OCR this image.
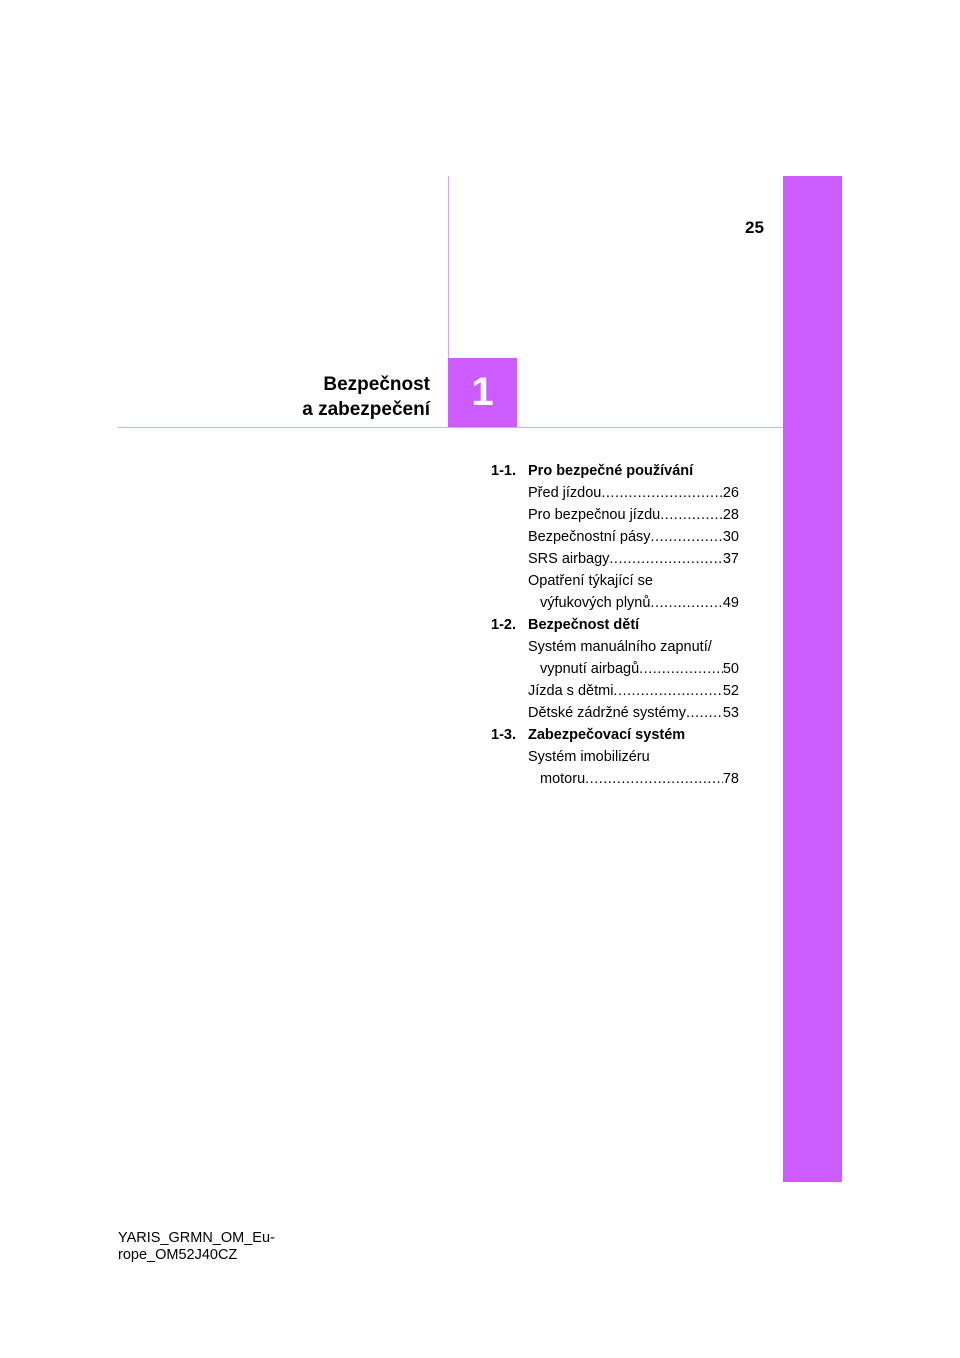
25
1
Bezpečnost
a zabezpečení
1-1. Pro bezpečné používání
Před jízdou .....	26
Pro bezpečnou jízdu .....	28
Bezpečnostní pásy .....	30
SRS airbagy .....	37
Opatření týkající se
výfukových plynů .....	49
1-2. Bezpečnost dětí
Systém manuálního zapnutí/
vypnutí airbagů .....	50
Jízda s dětmi .....	52
Dětské zádržné systémy .....	53
1-3. Zabezpečovací systém
Systém imobilizéru
motoru .....	78
YARIS_GRMN_OM_Eu-
rope_OM52J40CZ
